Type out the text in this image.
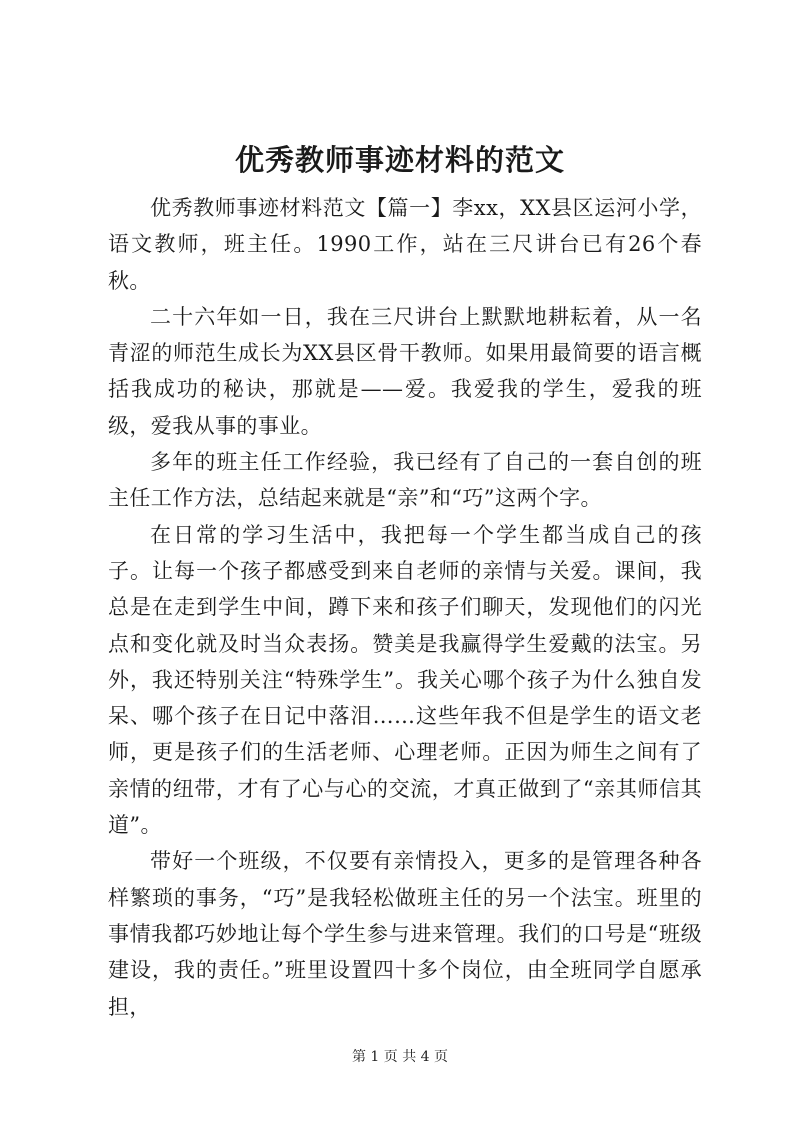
优秀教师事迹材料的范文

优秀教师事迹材料范文【篇一】李xx，XX县区运河小学，语文教师，班主任。1990工作，站在三尺讲台已有26个春秋。

二十六年如一日，我在三尺讲台上默默地耕耘着，从一名青涩的师范生成长为XX县区骨干教师。如果用最简要的语言概括我成功的秘诀，那就是——爱。我爱我的学生，爱我的班级，爱我从事的事业。

多年的班主任工作经验，我已经有了自己的一套自创的班主任工作方法，总结起来就是“亲”和“巧”这两个字。

在日常的学习生活中，我把每一个学生都当成自己的孩子。让每一个孩子都感受到来自老师的亲情与关爱。课间，我总是在走到学生中间，蹲下来和孩子们聊天，发现他们的闪光点和变化就及时当众表扬。赞美是我赢得学生爱戴的法宝。另外，我还特别关注“特殊学生”。我关心哪个孩子为什么独自发呆、哪个孩子在日记中落泪……这些年我不但是学生的语文老师，更是孩子们的生活老师、心理老师。正因为师生之间有了亲情的纽带，才有了心与心的交流，才真正做到了“亲其师信其道”。

带好一个班级，不仅要有亲情投入，更多的是管理各种各样繁琐的事务，“巧”是我轻松做班主任的另一个法宝。班里的事情我都巧妙地让每个学生参与进来管理。我们的口号是“班级建设，我的责任。”班里设置四十多个岗位，由全班同学自愿承担，

第 1 页 共 4 页
